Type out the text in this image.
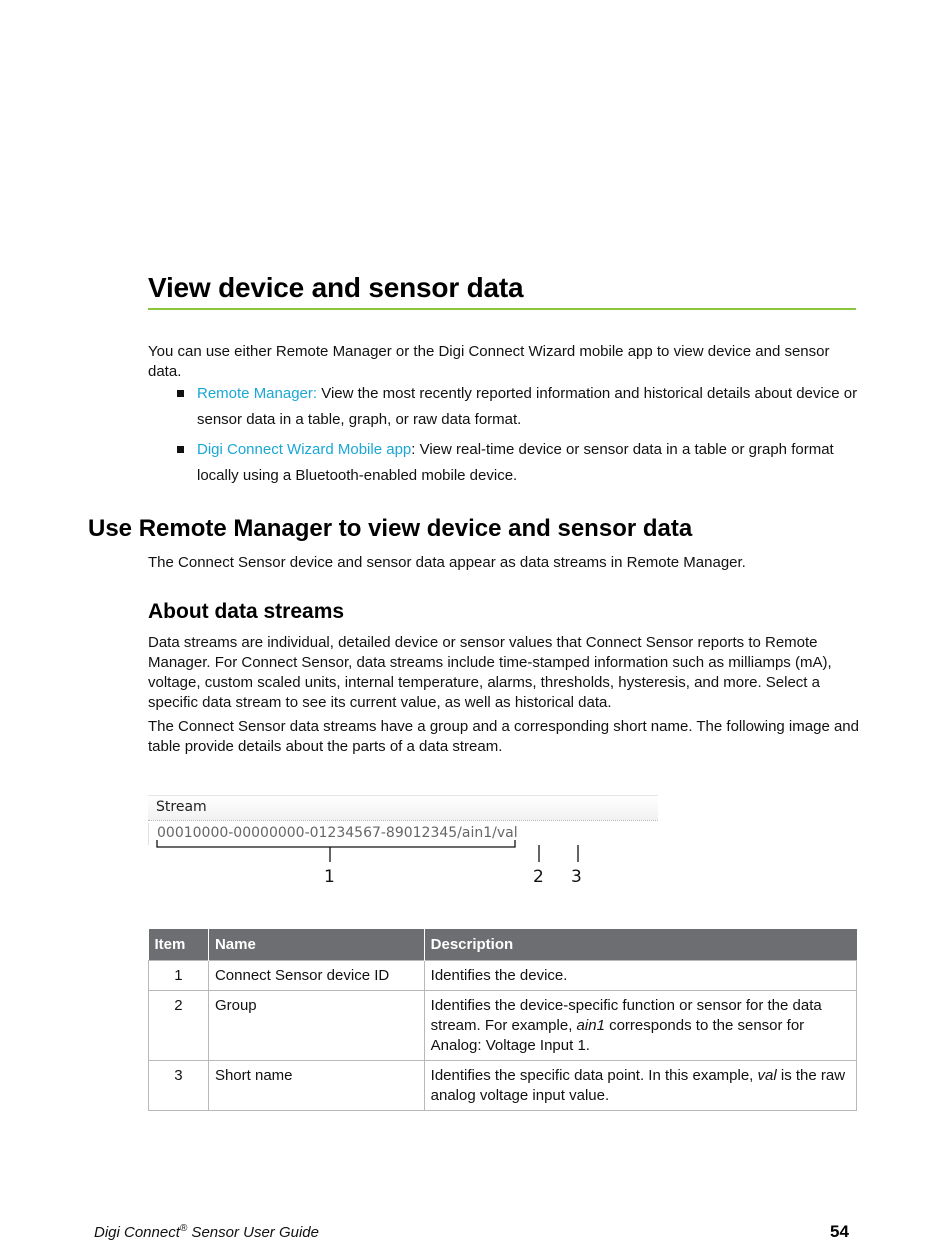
View device and sensor data

You can use either Remote Manager or the Digi Connect Wizard mobile app to view device and sensor data.

Remote Manager: View the most recently reported information and historical details about device or sensor data in a table, graph, or raw data format.
Digi Connect Wizard Mobile app: View real-time device or sensor data in a table or graph format locally using a Bluetooth-enabled mobile device.
Use Remote Manager to view device and sensor data

The Connect Sensor device and sensor data appear as data streams in Remote Manager.

About data streams

Data streams are individual, detailed device or sensor values that Connect Sensor reports to Remote Manager. For Connect Sensor, data streams include time-stamped information such as milliamps (mA), voltage, custom scaled units, internal temperature, alarms, thresholds, hysteresis, and more. Select a specific data stream to see its current value, as well as historical data.

The Connect Sensor data streams have a group and a corresponding short name. The following image and table provide details about the parts of a data stream.

Stream
00010000-00000000-01234567-89012345/ain1/val
1	2 3
Item	Name	Description
1	Connect Sensor device ID	Identifies the device.
2	Group	Identifies the device-specific function or sensor for the data stream. For example, ain1 corresponds to the sensor for Analog: Voltage Input 1.
3	Short name	Identifies the specific data point. In this example, val is the raw analog voltage input value.
Digi Connect® Sensor User Guide	54
